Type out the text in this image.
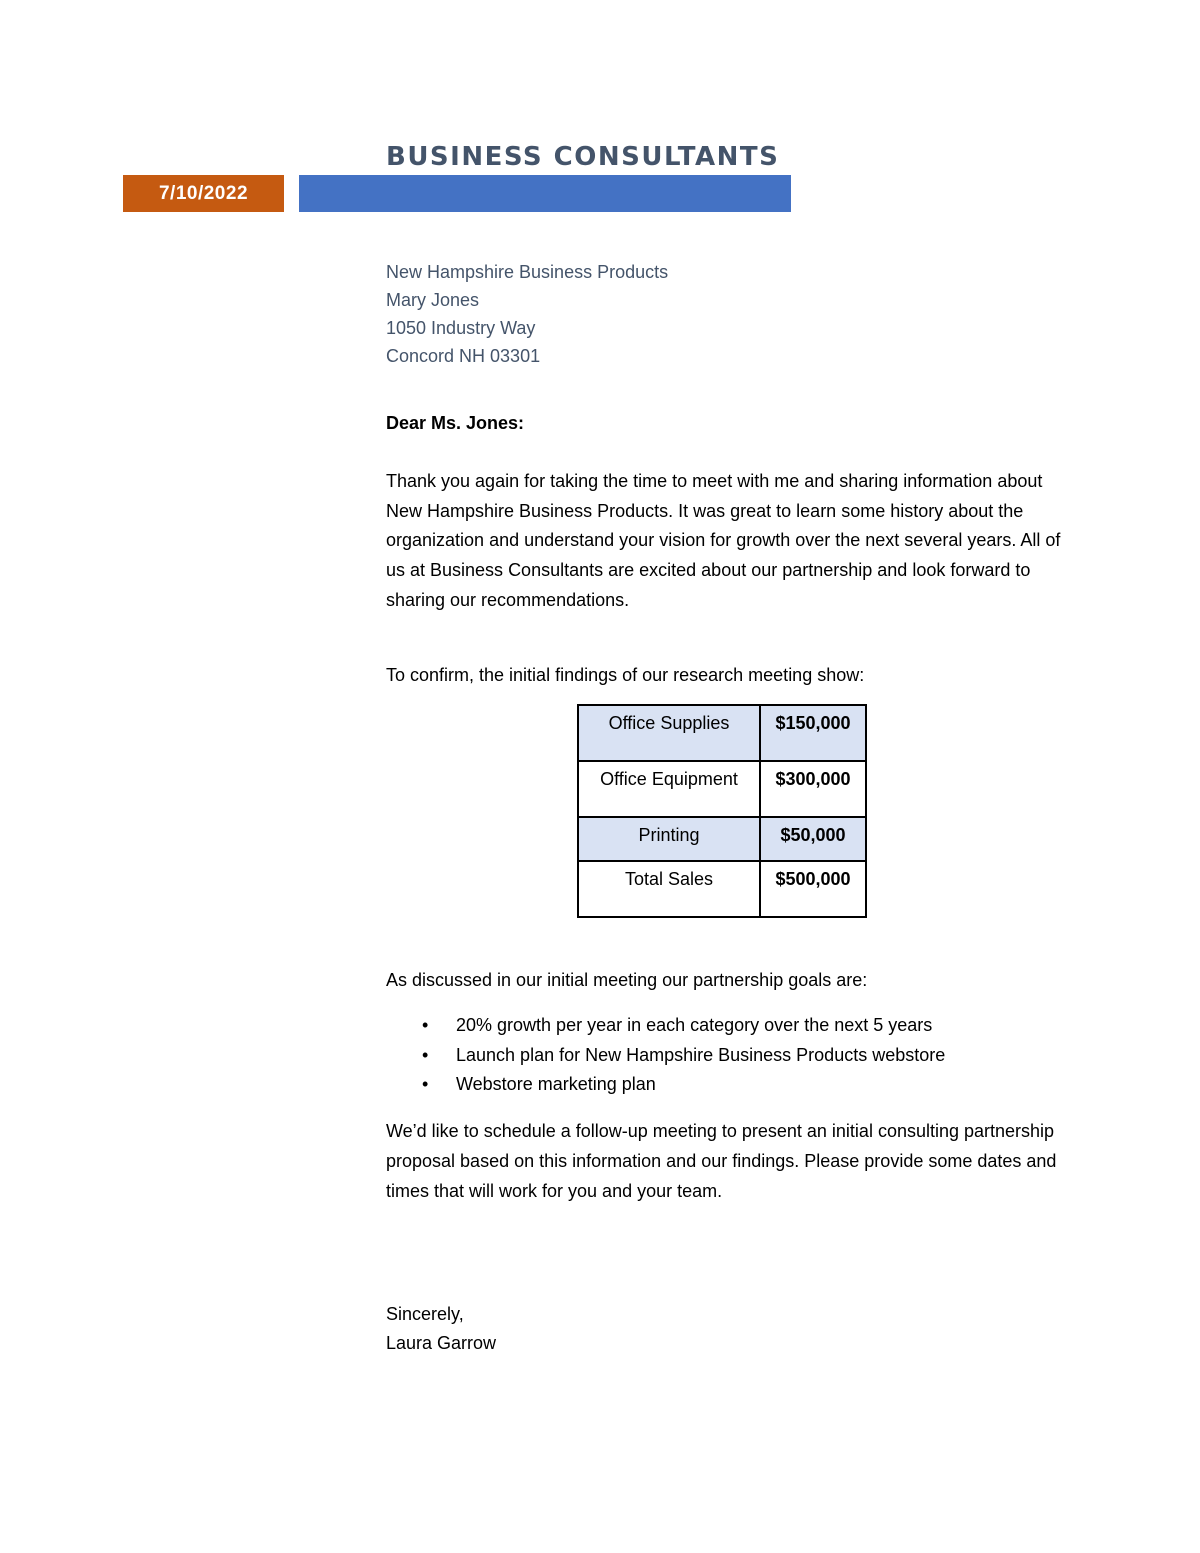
BUSINESS CONSULTANTS
7/10/2022
New Hampshire Business Products
Mary Jones
1050 Industry Way
Concord NH 03301
Dear Ms. Jones:
Thank you again for taking the time to meet with me and sharing information about New Hampshire Business Products. It was great to learn some history about the organization and understand your vision for growth over the next several years. All of us at Business Consultants are excited about our partnership and look forward to sharing our recommendations.
To confirm, the initial findings of our research meeting show:
Office Supplies	$150,000
Office Equipment	$300,000
Printing	$50,000
Total Sales	$500,000
As discussed in our initial meeting our partnership goals are:
• 20% growth per year in each category over the next 5 years
• Launch plan for New Hampshire Business Products webstore
• Webstore marketing plan
We’d like to schedule a follow-up meeting to present an initial consulting partnership proposal based on this information and our findings. Please provide some dates and times that will work for you and your team.
Sincerely,
Laura Garrow
